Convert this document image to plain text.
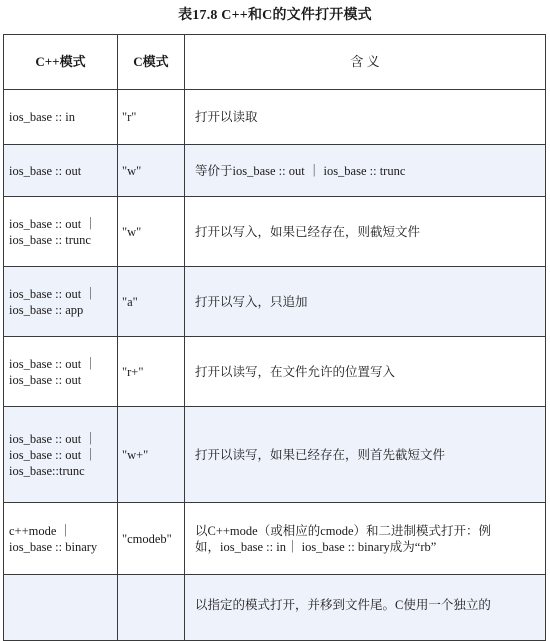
表17.8 C++和C的文件打开模式
C++模式	C模式	含 义

ios_base :: in	"r"	打开以读取

ios_base :: out	"w"	等价于ios_base :: out ｜ ios_base :: trunc

ios_base :: out ｜
ios_base :: trunc	"w"	打开以写入，如果已经存在，则截短文件

ios_base :: out ｜
ios_base :: app	"a"	打开以写入，只追加

ios_base :: out ｜
ios_base :: out	"r+"	打开以读写，在文件允许的位置写入

ios_base :: out ｜
ios_base :: out ｜
ios_base::trunc	"w+"	打开以读写，如果已经存在，则首先截短文件

c++mode ｜
ios_base :: binary	"cmodeb"	以C++mode（或相应的cmode）和二进制模式打开：例
如，ios_base :: in｜ ios_base :: binary成为“rb”

		以指定的模式打开，并移到文件尾。C使用一个独立的
